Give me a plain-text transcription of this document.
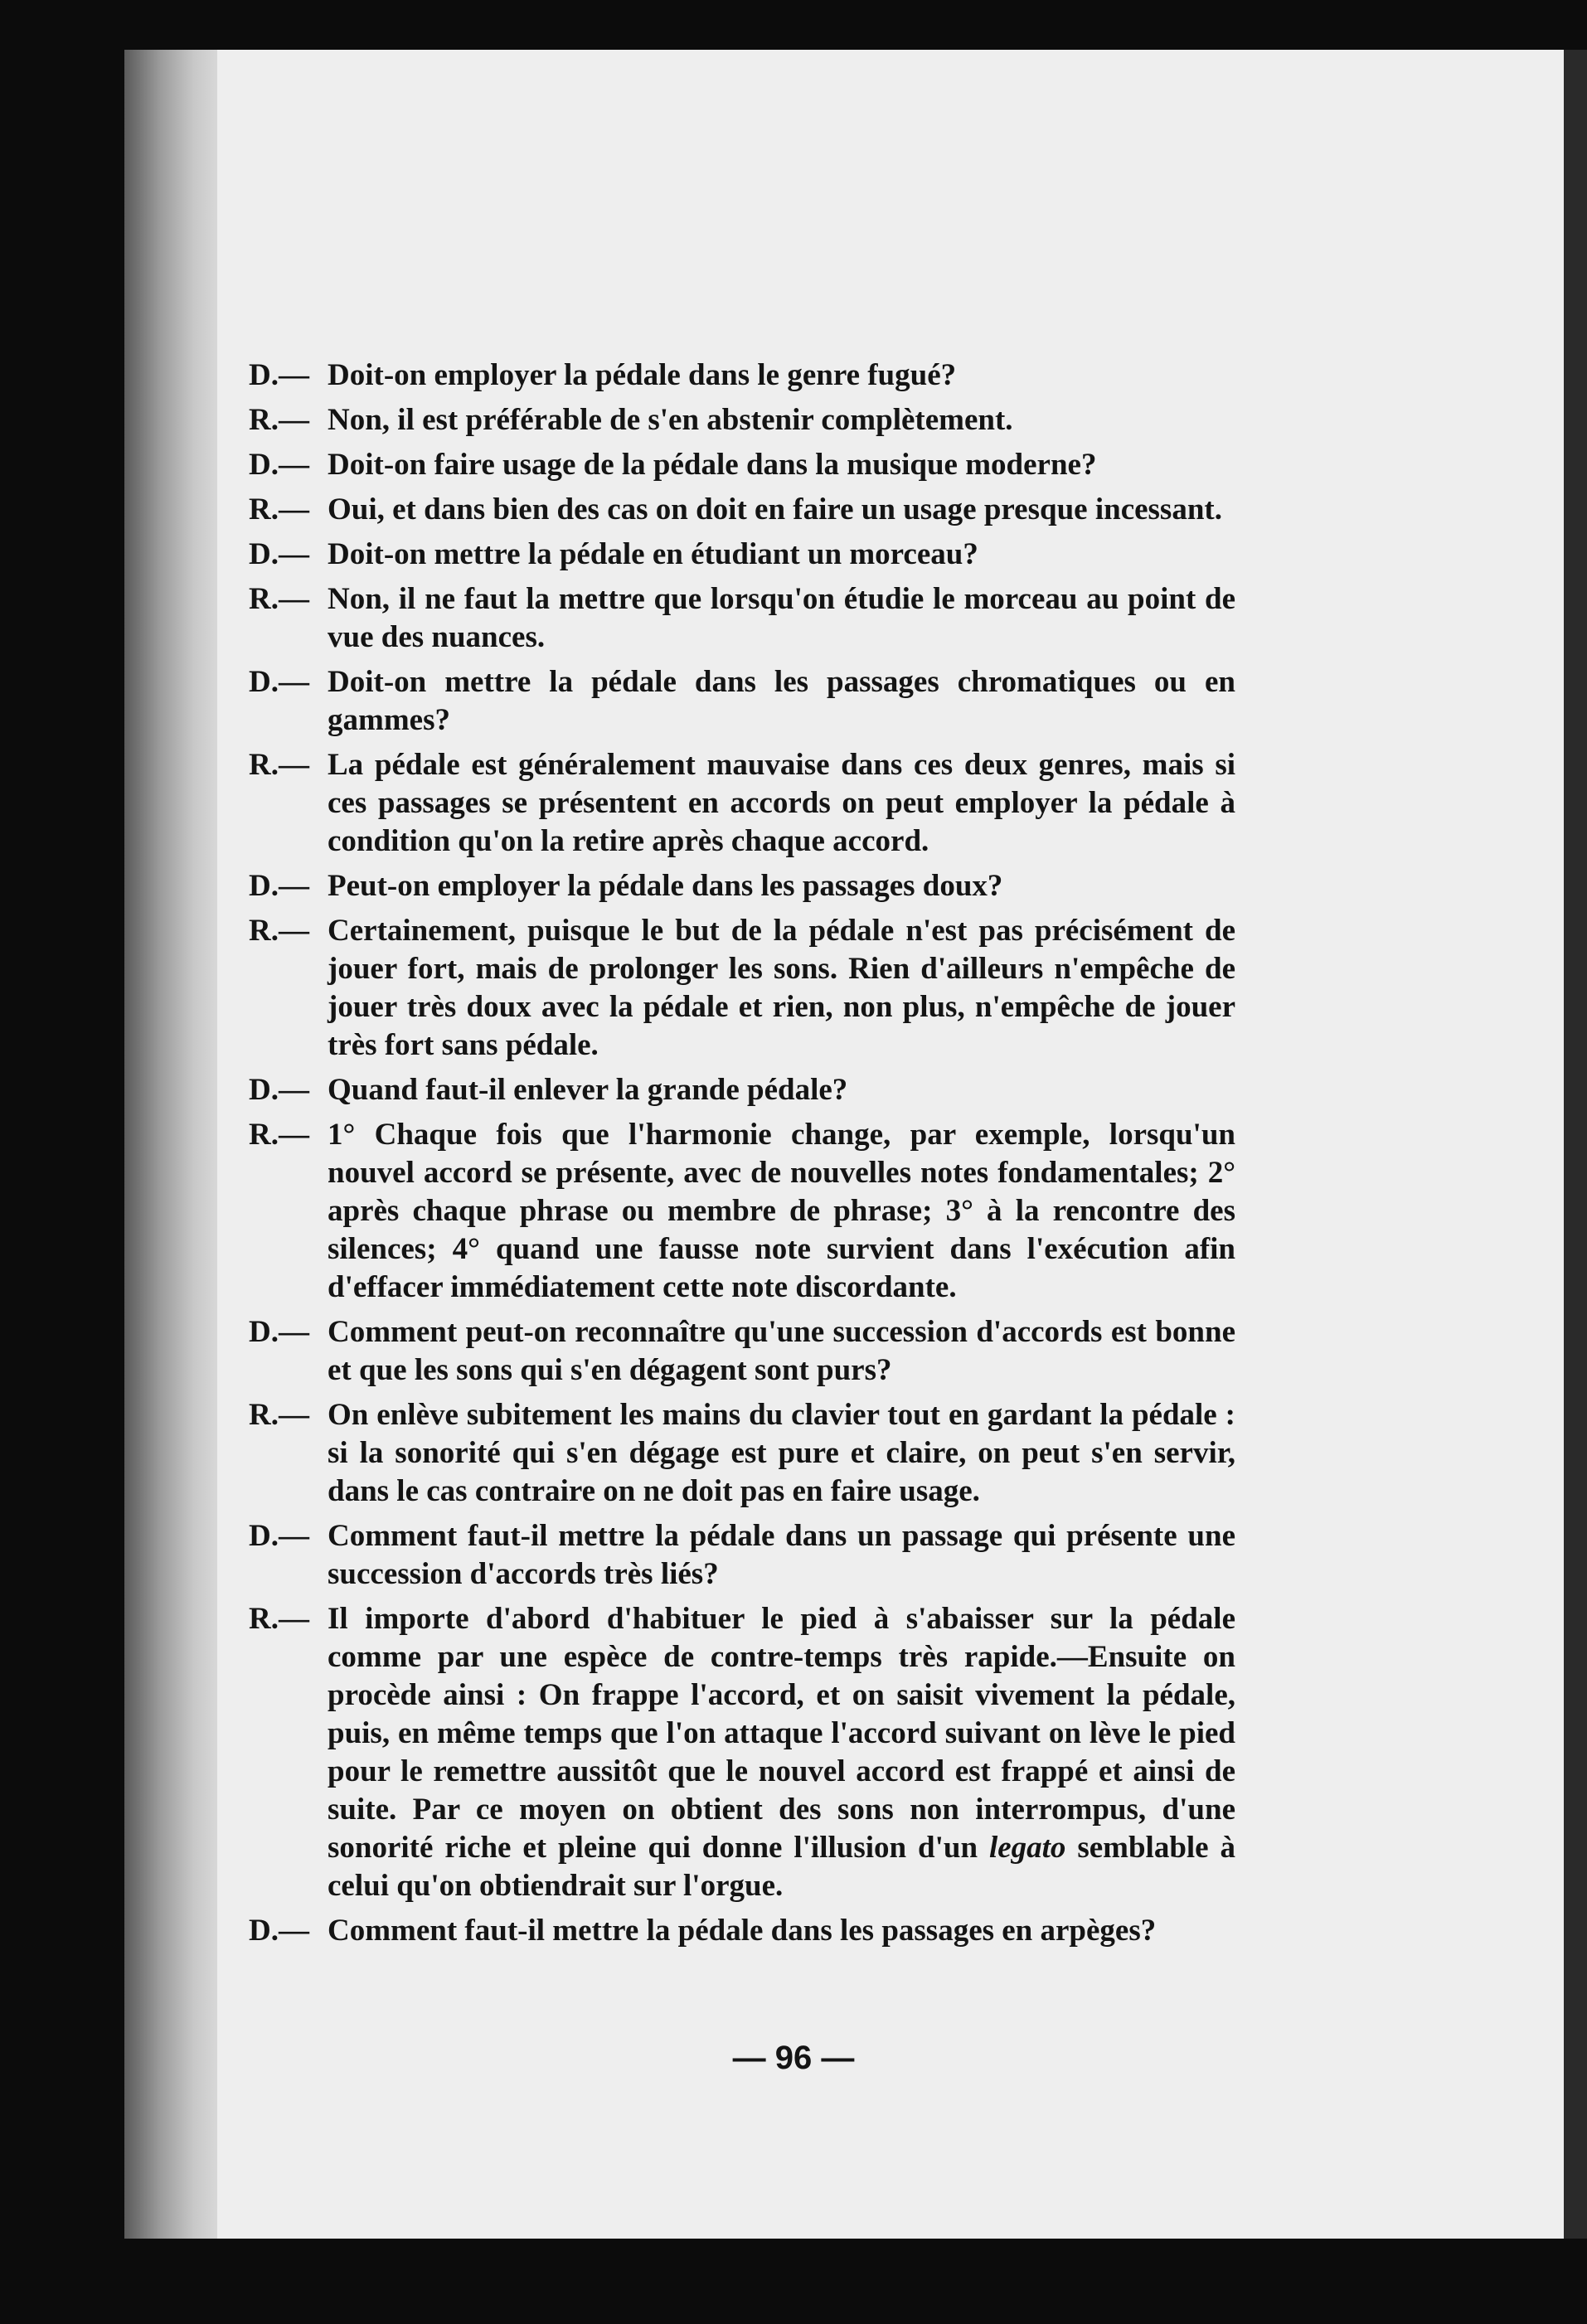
D.— Doit-on employer la pédale dans le genre fugué?
R.— Non, il est préférable de s'en abstenir complètement.
D.— Doit-on faire usage de la pédale dans la musique moderne?
R.— Oui, et dans bien des cas on doit en faire un usage presque incessant.
D.— Doit-on mettre la pédale en étudiant un morceau?
R.— Non, il ne faut la mettre que lorsqu'on étudie le morceau au point de vue des nuances.
D.— Doit-on mettre la pédale dans les passages chromatiques ou en gammes?
R.— La pédale est généralement mauvaise dans ces deux genres, mais si ces passages se présentent en accords on peut employer la pédale à condition qu'on la retire après chaque accord.
D.— Peut-on employer la pédale dans les passages doux?
R.— Certainement, puisque le but de la pédale n'est pas précisément de jouer fort, mais de prolonger les sons. Rien d'ailleurs n'empêche de jouer très doux avec la pédale et rien, non plus, n'empêche de jouer très fort sans pédale.
D.— Quand faut-il enlever la grande pédale?
R.— 1° Chaque fois que l'harmonie change, par exemple, lorsqu'un nouvel accord se présente, avec de nouvelles notes fondamentales; 2° après chaque phrase ou membre de phrase; 3° à la rencontre des silences; 4° quand une fausse note survient dans l'exécution afin d'effacer immédiatement cette note discordante.
D.— Comment peut-on reconnaître qu'une succession d'accords est bonne et que les sons qui s'en dégagent sont purs?
R.— On enlève subitement les mains du clavier tout en gardant la pédale : si la sonorité qui s'en dégage est pure et claire, on peut s'en servir, dans le cas contraire on ne doit pas en faire usage.
D.— Comment faut-il mettre la pédale dans un passage qui présente une succession d'accords très liés?
R.— Il importe d'abord d'habituer le pied à s'abaisser sur la pédale comme par une espèce de contre-temps très rapide.—Ensuite on procède ainsi : On frappe l'accord, et on saisit vivement la pédale, puis, en même temps que l'on attaque l'accord suivant on lève le pied pour le remettre aussitôt que le nouvel accord est frappé et ainsi de suite. Par ce moyen on obtient des sons non interrompus, d'une sonorité riche et pleine qui donne l'illusion d'un legato semblable à celui qu'on obtiendrait sur l'orgue.
D.— Comment faut-il mettre la pédale dans les passages en arpèges?
— 96 —
